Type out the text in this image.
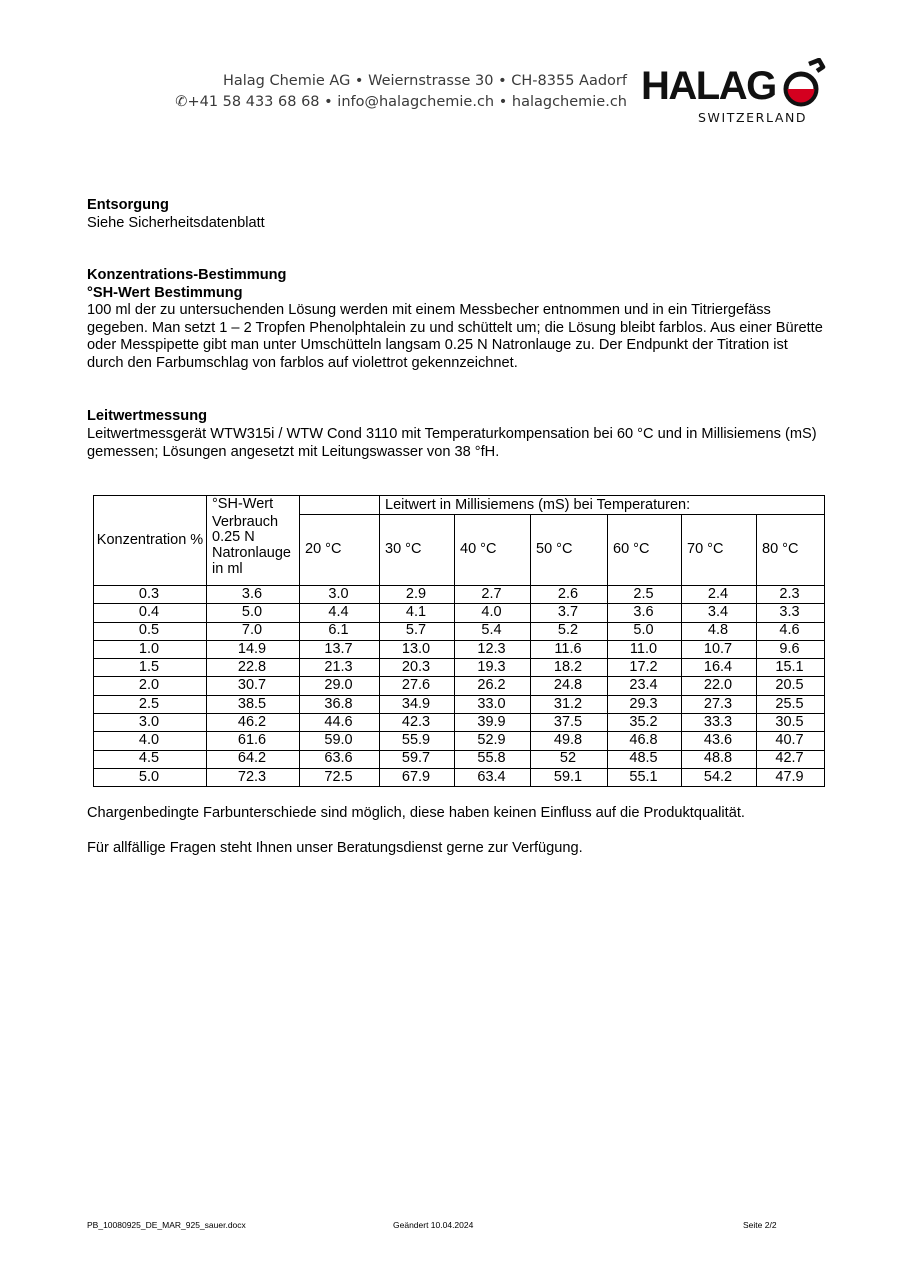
Halag Chemie AG • Weiernstrasse 30 • CH-8355 Aadorf
✆+41 58 433 68 68 • info@halagchemie.ch • halagchemie.ch HALAG
SWITZERLAND
Entsorgung
Siehe Sicherheitsdatenblatt
Konzentrations-Bestimmung
°SH-Wert Bestimmung
100 ml der zu untersuchenden Lösung werden mit einem Messbecher entnommen und in ein Titriergefäss gegeben. Man setzt 1 – 2 Tropfen Phenolphtalein zu und schüttelt um; die Lösung bleibt farblos. Aus einer Bürette oder Messpipette gibt man unter Umschütteln langsam 0.25 N Natronlauge zu. Der Endpunkt der Titration ist durch den Farbumschlag von farblos auf violettrot gekennzeichnet.
Leitwertmessung
Leitwertmessgerät WTW315i / WTW Cond 3110 mit Temperaturkompensation bei 60 °C und in Millisiemens (mS) gemessen; Lösungen angesetzt mit Leitungswasser von 38 °fH.
Konzentration %	°SH-Wert		Leitwert in Millisiemens (mS) bei Temperaturen:					
	Verbrauch 0.25 N Natronlauge in ml	20 °C	30 °C	40 °C	50 °C	60 °C	70 °C	80 °C
0.3	3.6	3.0	2.9	2.7	2.6	2.5	2.4	2.3
0.4	5.0	4.4	4.1	4.0	3.7	3.6	3.4	3.3
0.5	7.0	6.1	5.7	5.4	5.2	5.0	4.8	4.6
1.0	14.9	13.7	13.0	12.3	11.6	11.0	10.7	9.6
1.5	22.8	21.3	20.3	19.3	18.2	17.2	16.4	15.1
2.0	30.7	29.0	27.6	26.2	24.8	23.4	22.0	20.5
2.5	38.5	36.8	34.9	33.0	31.2	29.3	27.3	25.5
3.0	46.2	44.6	42.3	39.9	37.5	35.2	33.3	30.5
4.0	61.6	59.0	55.9	52.9	49.8	46.8	43.6	40.7
4.5	64.2	63.6	59.7	55.8	52	48.5	48.8	42.7
5.0	72.3	72.5	67.9	63.4	59.1	55.1	54.2	47.9
Chargenbedingte Farbunterschiede sind möglich, diese haben keinen Einfluss auf die Produktqualität.
Für allfällige Fragen steht Ihnen unser Beratungsdienst gerne zur Verfügung.
PB_10080925_DE_MAR_925_sauer.docx	Geändert 10.04.2024	Seite 2/2
